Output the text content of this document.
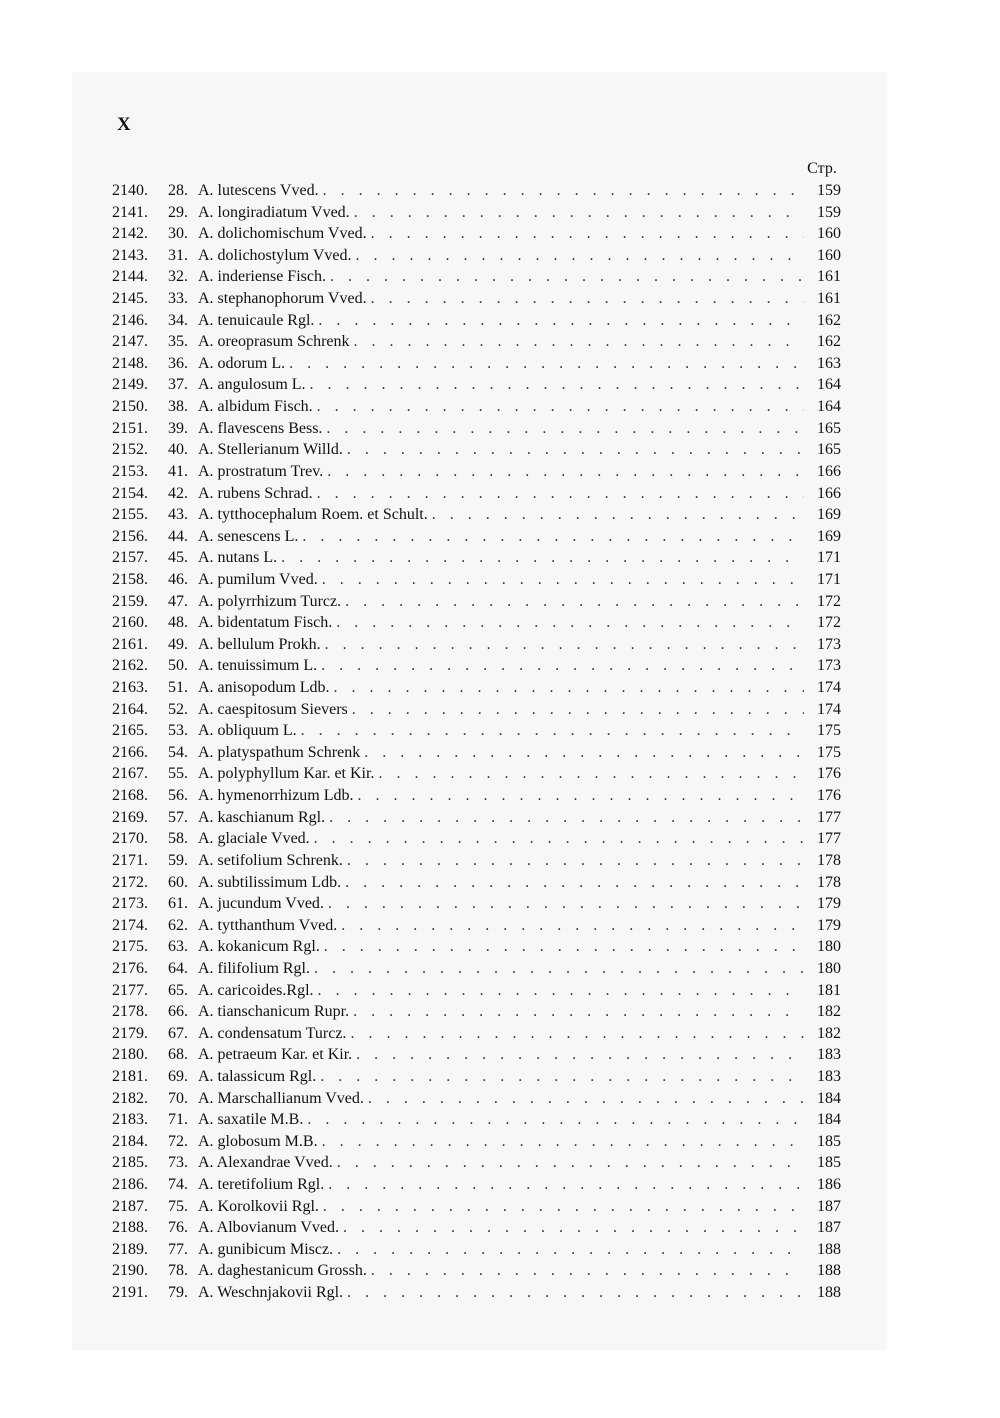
X
Стр.
2140.	28. A. lutescens Vved. . . .	159
2141.	29. A. longiradiatum Vved. . . .	159
2142.	30. A. dolichomischum Vved. . . .	160
2143.	31. A. dolichostylum Vved. . . .	160
2144.	32. A. inderiense Fisch. . . .	161
2145.	33. A. stephanophorum Vved. . . .	161
2146.	34. A. tenuicaule Rgl. . . .	162
2147.	35. A. oreoprasum Schrenk . . .	162
2148.	36. A. odorum L. . . .	163
2149.	37. A. angulosum L. . . .	164
2150.	38. A. albidum Fisch. . . .	164
2151.	39. A. flavescens Bess. . . .	165
2152.	40. A. Stellerianum Willd. . . .	165
2153.	41. A. prostratum Trev. . . .	166
2154.	42. A. rubens Schrad. . . .	166
2155.	43. A. tytthocephalum Roem. et Schult. . . .	169
2156.	44. A. senescens L. . . .	169
2157.	45. A. nutans L. . . .	171
2158.	46. A. pumilum Vved. . . .	171
2159.	47. A. polyrrhizum Turcz. . . .	172
2160.	48. A. bidentatum Fisch. . . .	172
2161.	49. A. bellulum Prokh. . . .	173
2162.	50. A. tenuissimum L. . . .	173
2163.	51. A. anisopodum Ldb. . . .	174
2164.	52. A. caespitosum Sievers . . .	174
2165.	53. A. obliquum L. . . .	175
2166.	54. A. platyspathum Schrenk . . .	175
2167.	55. A. polyphyllum Kar. et Kir. . . .	176
2168.	56. A. hymenorrhizum Ldb. . . .	176
2169.	57. A. kaschianum Rgl. . . .	177
2170.	58. A. glaciale Vved. . . .	177
2171.	59. A. setifolium Schrenk. . . .	178
2172.	60. A. subtilissimum Ldb. . . .	178
2173.	61. A. jucundum Vved. . . .	179
2174.	62. A. tytthanthum Vved. . . .	179
2175.	63. A. kokanicum Rgl. . . .	180
2176.	64. A. filifolium Rgl. . . .	180
2177.	65. A. caricoides.Rgl. . . .	181
2178.	66. A. tianschanicum Rupr. . . .	182
2179.	67. A. condensatum Turcz. . . .	182
2180.	68. A. petraeum Kar. et Kir. . . .	183
2181.	69. A. talassicum Rgl. . . .	183
2182.	70. A. Marschallianum Vved. . . .	184
2183.	71. A. saxatile M.B. . . .	184
2184.	72. A. globosum M.B. . . .	185
2185.	73. A. Alexandrae Vved. . . .	185
2186.	74. A. teretifolium Rgl. . . .	186
2187.	75. A. Korolkovii Rgl. . . .	187
2188.	76. A. Albovianum Vved. . . .	187
2189.	77. A. gunibicum Miscz. . . .	188
2190.	78. A. daghestanicum Grossh. . . .	188
2191.	79. A. Weschnjakovii Rgl. . . .	188
